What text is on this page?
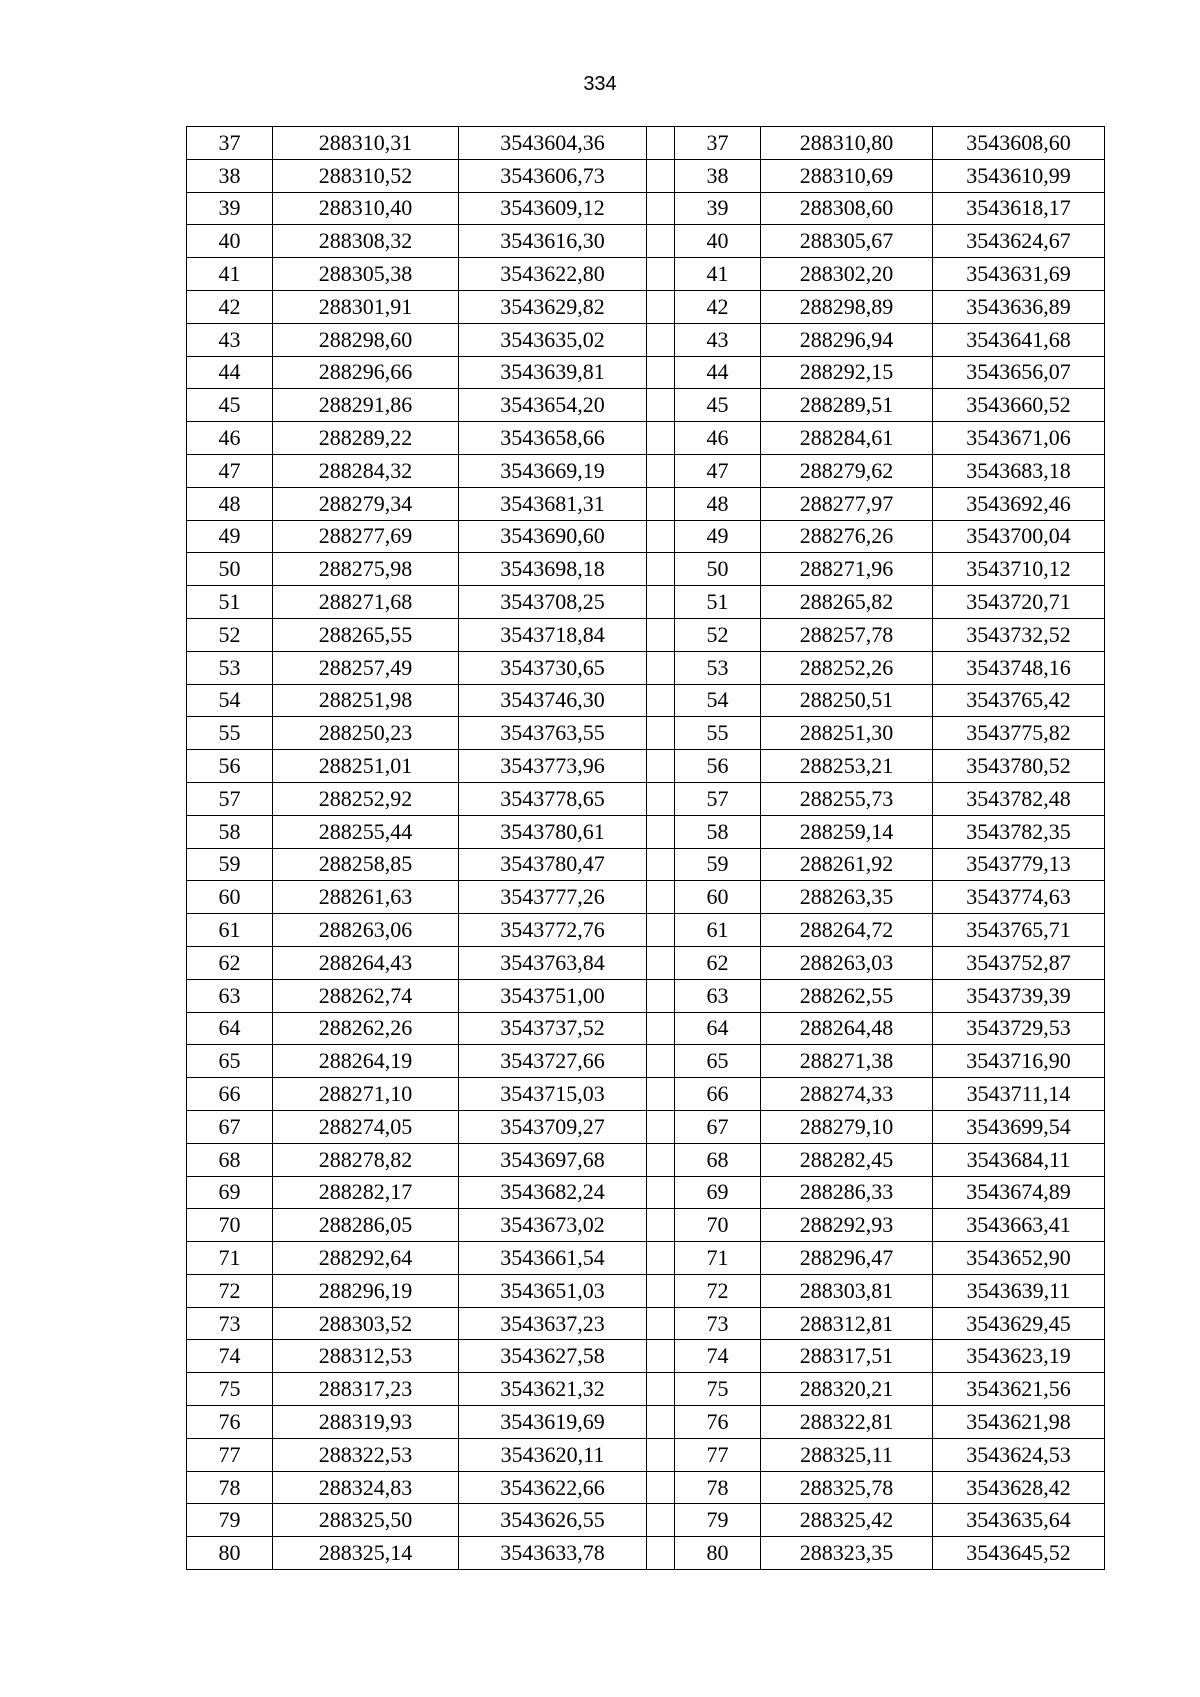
334
37	288310,31	3543604,36		37	288310,80	3543608,60
38	288310,52	3543606,73		38	288310,69	3543610,99
39	288310,40	3543609,12		39	288308,60	3543618,17
40	288308,32	3543616,30		40	288305,67	3543624,67
41	288305,38	3543622,80		41	288302,20	3543631,69
42	288301,91	3543629,82		42	288298,89	3543636,89
43	288298,60	3543635,02		43	288296,94	3543641,68
44	288296,66	3543639,81		44	288292,15	3543656,07
45	288291,86	3543654,20		45	288289,51	3543660,52
46	288289,22	3543658,66		46	288284,61	3543671,06
47	288284,32	3543669,19		47	288279,62	3543683,18
48	288279,34	3543681,31		48	288277,97	3543692,46
49	288277,69	3543690,60		49	288276,26	3543700,04
50	288275,98	3543698,18		50	288271,96	3543710,12
51	288271,68	3543708,25		51	288265,82	3543720,71
52	288265,55	3543718,84		52	288257,78	3543732,52
53	288257,49	3543730,65		53	288252,26	3543748,16
54	288251,98	3543746,30		54	288250,51	3543765,42
55	288250,23	3543763,55		55	288251,30	3543775,82
56	288251,01	3543773,96		56	288253,21	3543780,52
57	288252,92	3543778,65		57	288255,73	3543782,48
58	288255,44	3543780,61		58	288259,14	3543782,35
59	288258,85	3543780,47		59	288261,92	3543779,13
60	288261,63	3543777,26		60	288263,35	3543774,63
61	288263,06	3543772,76		61	288264,72	3543765,71
62	288264,43	3543763,84		62	288263,03	3543752,87
63	288262,74	3543751,00		63	288262,55	3543739,39
64	288262,26	3543737,52		64	288264,48	3543729,53
65	288264,19	3543727,66		65	288271,38	3543716,90
66	288271,10	3543715,03		66	288274,33	3543711,14
67	288274,05	3543709,27		67	288279,10	3543699,54
68	288278,82	3543697,68		68	288282,45	3543684,11
69	288282,17	3543682,24		69	288286,33	3543674,89
70	288286,05	3543673,02		70	288292,93	3543663,41
71	288292,64	3543661,54		71	288296,47	3543652,90
72	288296,19	3543651,03		72	288303,81	3543639,11
73	288303,52	3543637,23		73	288312,81	3543629,45
74	288312,53	3543627,58		74	288317,51	3543623,19
75	288317,23	3543621,32		75	288320,21	3543621,56
76	288319,93	3543619,69		76	288322,81	3543621,98
77	288322,53	3543620,11		77	288325,11	3543624,53
78	288324,83	3543622,66		78	288325,78	3543628,42
79	288325,50	3543626,55		79	288325,42	3543635,64
80	288325,14	3543633,78		80	288323,35	3543645,52
